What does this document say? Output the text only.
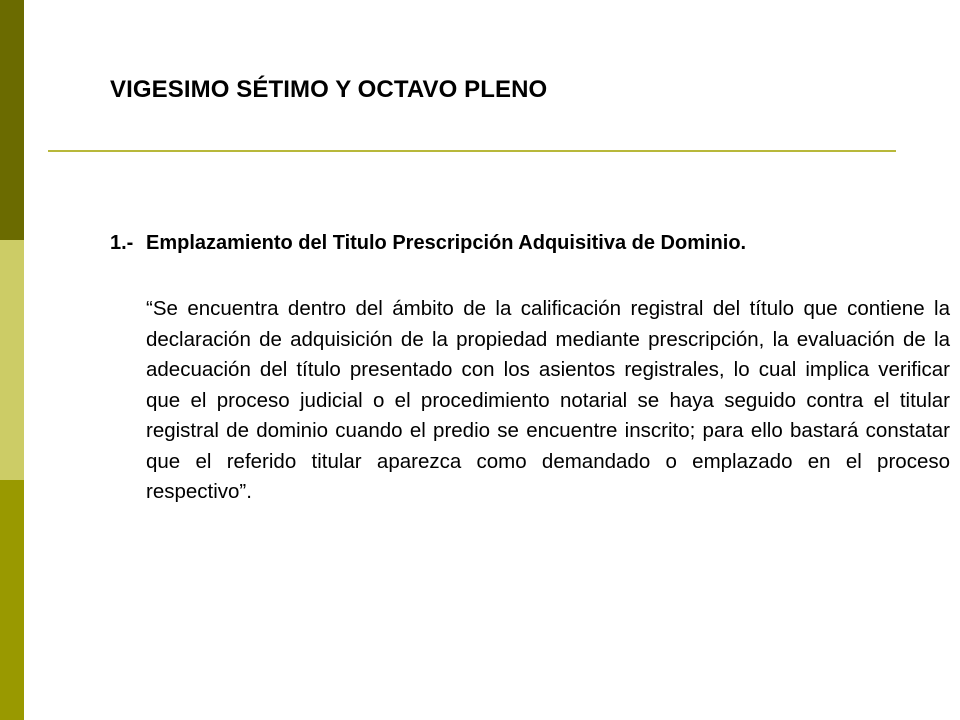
VIGESIMO SÉTIMO Y OCTAVO PLENO
1.- Emplazamiento del Titulo Prescripción Adquisitiva de Dominio.
“Se encuentra dentro del ámbito de la calificación registral del título que contiene la declaración de adquisición de la propiedad mediante prescripción, la evaluación de la adecuación del título presentado con los asientos registrales, lo cual implica verificar que el proceso judicial o el procedimiento notarial se haya seguido contra el titular registral de dominio cuando el predio se encuentre inscrito; para ello bastará constatar que el referido titular aparezca como demandado o emplazado en el proceso respectivo”.
